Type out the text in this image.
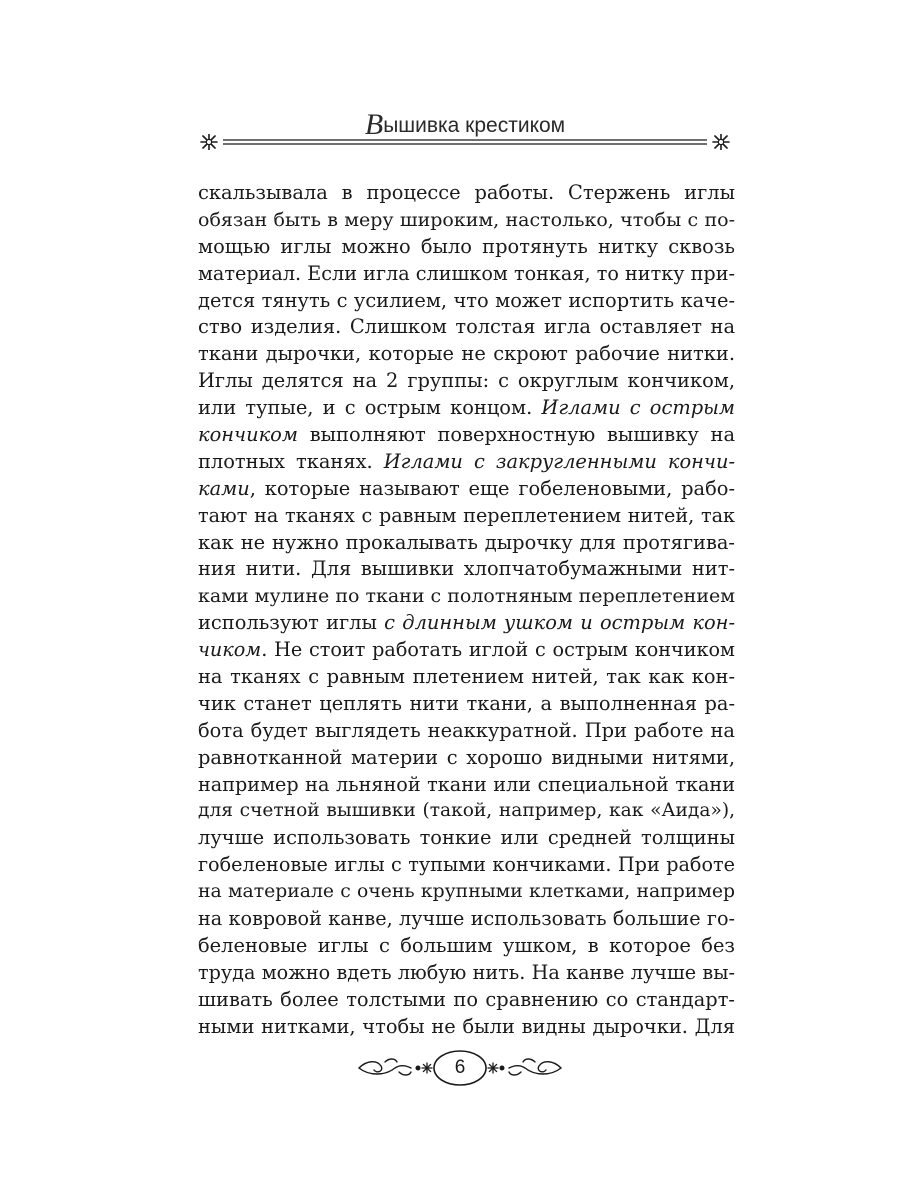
Вышивка крестиком
скальзывала в процессе работы. Стержень иглы
обязан быть в меру широким, настолько, чтобы с по-
мощью иглы можно было протянуть нитку сквозь
материал. Если игла слишком тонкая, то нитку при-
дется тянуть с усилием, что может испортить каче-
ство изделия. Слишком толстая игла оставляет на
ткани дырочки, которые не скроют рабочие нитки.
Иглы делятся на 2 группы: с округлым кончиком,
или тупые, и с острым концом. Иглами с острым
кончиком выполняют поверхностную вышивку на
плотных тканях. Иглами с закругленными кончи-
ками, которые называют еще гобеленовыми, рабо-
тают на тканях с равным переплетением нитей, так
как не нужно прокалывать дырочку для протягива-
ния нити. Для вышивки хлопчатобумажными нит-
ками мулине по ткани с полотняным переплетением
используют иглы с длинным ушком и острым кон-
чиком. Не стоит работать иглой с острым кончиком
на тканях с равным плетением нитей, так как кон-
чик станет цеплять нити ткани, а выполненная ра-
бота будет выглядеть неаккуратной. При работе на
равнотканной материи с хорошо видными нитями,
например на льняной ткани или специальной ткани
для счетной вышивки (такой, например, как «Аида»),
лучше использовать тонкие или средней толщины
гобеленовые иглы с тупыми кончиками. При работе
на материале с очень крупными клетками, например
на ковровой канве, лучше использовать большие го-
беленовые иглы с большим ушком, в которое без
труда можно вдеть любую нить. На канве лучше вы-
шивать более толстыми по сравнению со стандарт-
ными нитками, чтобы не были видны дырочки. Для
6
